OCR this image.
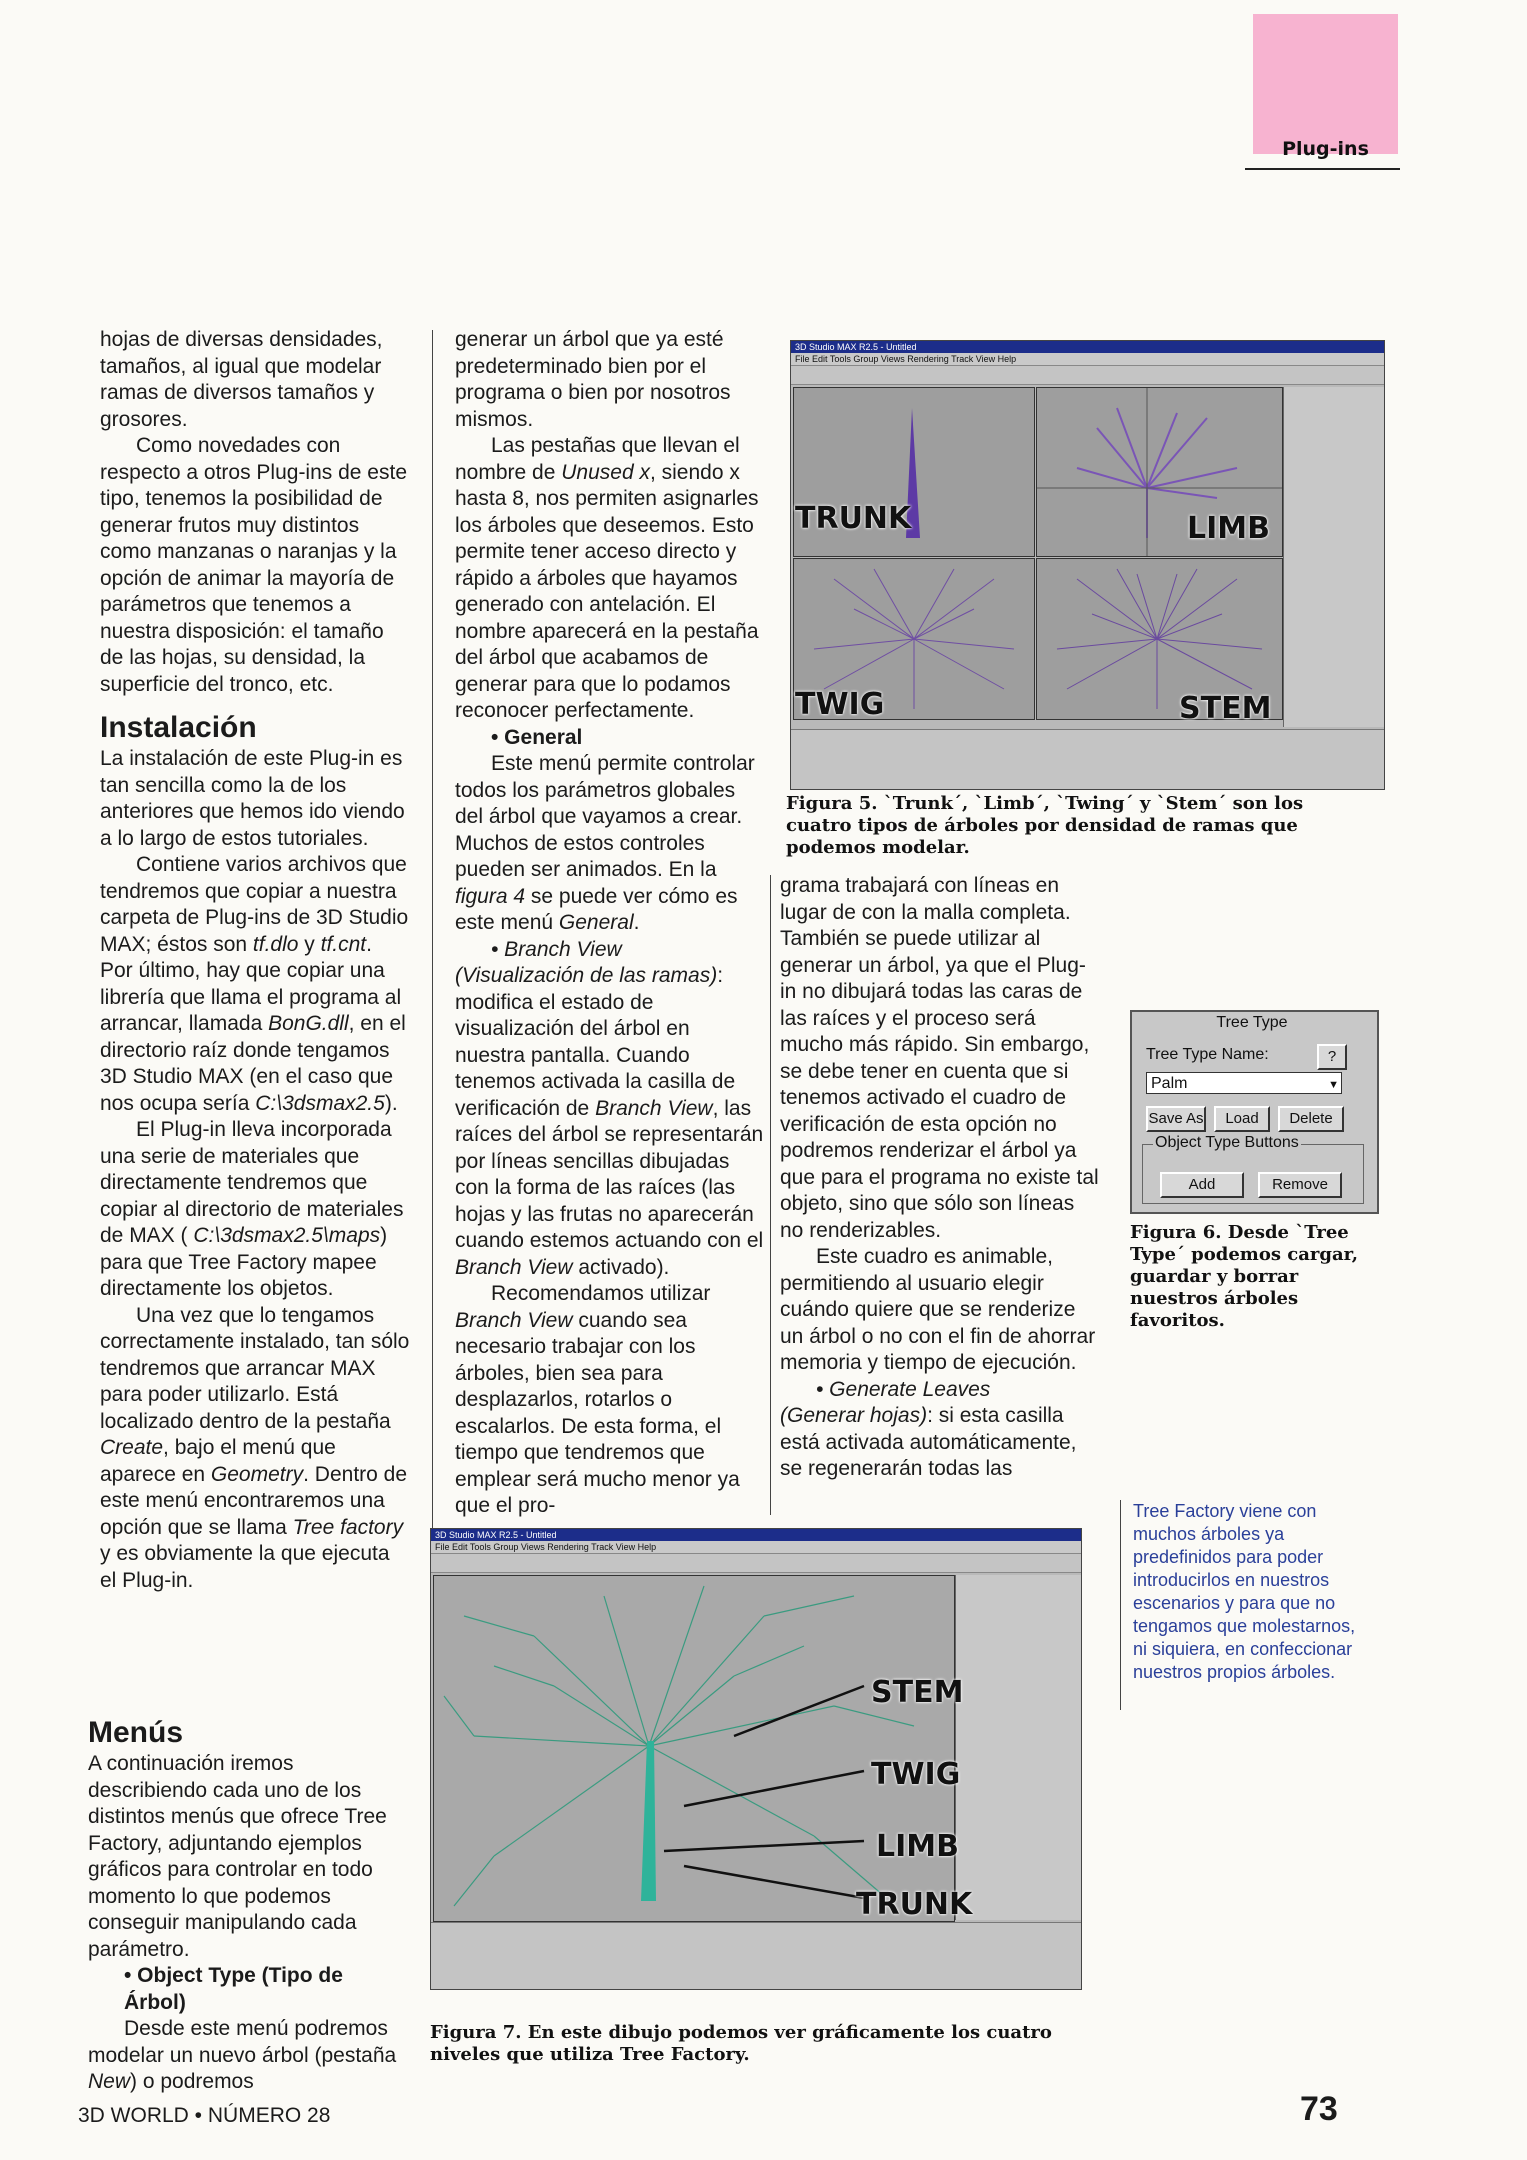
Plug-ins

hojas de diversas densidades, tamaños, al igual que modelar ramas de diversos tamaños y grosores.

Como novedades con respecto a otros Plug-ins de este tipo, tenemos la posibilidad de generar frutos muy distintos como manzanas o naranjas y la opción de animar la mayoría de parámetros que tenemos a nuestra disposición: el tamaño de las hojas, su densidad, la superficie del tronco, etc.

Instalación

La instalación de este Plug-in es tan sencilla como la de los anteriores que hemos ido viendo a lo largo de estos tutoriales.

Contiene varios archivos que tendremos que copiar a nuestra carpeta de Plug-ins de 3D Studio MAX; éstos son tf.dlo y tf.cnt. Por último, hay que copiar una librería que llama el programa al arrancar, llamada BonG.dll, en el directorio raíz donde tengamos 3D Studio MAX (en el caso que nos ocupa sería C:\3dsmax2.5).

El Plug-in lleva incorporada una serie de materiales que directamente tendremos que copiar al directorio de materiales de MAX ( C:\3dsmax2.5\maps) para que Tree Factory mapee directamente los objetos.

Una vez que lo tengamos correctamente instalado, tan sólo tendremos que arrancar MAX para poder utilizarlo. Está localizado dentro de la pestaña Create, bajo el menú que aparece en Geometry. Dentro de este menú encontraremos una opción que se llama Tree factory y es obviamente la que ejecuta el Plug-in.

Menús

A continuación iremos describiendo cada uno de los distintos menús que ofrece Tree Factory, adjuntando ejemplos gráficos para controlar en todo momento lo que podemos conseguir manipulando cada parámetro.

• Object Type (Tipo de Árbol)

Desde este menú podremos modelar un nuevo árbol (pestaña New) o podremos

generar un árbol que ya esté predeterminado bien por el programa o bien por nosotros mismos.

Las pestañas que llevan el nombre de Unused x, siendo x hasta 8, nos permiten asignarles los árboles que deseemos. Esto permite tener acceso directo y rápido a árboles que hayamos generado con antelación. El nombre aparecerá en la pestaña del árbol que acabamos de generar para que lo podamos reconocer perfectamente.

• General

Este menú permite controlar todos los parámetros globales del árbol que vayamos a crear. Muchos de estos controles pueden ser animados. En la figura 4 se puede ver cómo es este menú General.

• Branch View

(Visualización de las ramas): modifica el estado de visualización del árbol en nuestra pantalla. Cuando tenemos activada la casilla de verificación de Branch View, las raíces del árbol se representarán por líneas sencillas dibujadas con la forma de las raíces (las hojas y las frutas no aparecerán cuando estemos actuando con el Branch View activado).

Recomendamos utilizar Branch View cuando sea necesario trabajar con los árboles, bien sea para desplazarlos, rotarlos o escalarlos. De esta forma, el tiempo que tendremos que emplear será mucho menor ya que el pro-

grama trabajará con líneas en lugar de con la malla completa. También se puede utilizar al generar un árbol, ya que el Plug-in no dibujará todas las caras de las raíces y el proceso será mucho más rápido. Sin embargo, se debe tener en cuenta que si tenemos activado el cuadro de verificación de esta opción no podremos renderizar el árbol ya que para el programa no existe tal objeto, sino que sólo son líneas no renderizables.

Este cuadro es animable, permitiendo al usuario elegir cuándo quiere que se renderize un árbol o no con el fin de ahorrar memoria y tiempo de ejecución.

• Generate Leaves

(Generar hojas): si esta casilla está activada automáticamente, se regenerarán todas las

3D Studio MAX R2.5 - Untitled
File Edit Tools Group Views Rendering Track View Help
TRUNK	LIMB
TWIG	STEM
Figura 5. `Trunk´, `Limb´, `Twing´ y `Stem´ son los cuatro tipos de árboles por densidad de ramas que podemos modelar.
Tree Type
Tree Type Name:	?
Palm	▼
Save As	Load	Delete
Object Type Buttons
Add	Remove
Figura 6. Desde `Tree Type´ podemos cargar, guardar y borrar nuestros árboles favoritos.
3D Studio MAX R2.5 - Untitled
File Edit Tools Group Views Rendering Track View Help
STEM
TWIG
LIMB
TRUNK
Figura 7. En este dibujo podemos ver gráficamente los cuatro niveles que utiliza Tree Factory.
Tree Factory viene con muchos árboles ya predefinidos para poder introducirlos en nuestros escenarios y para que no tengamos que molestarnos, ni siquiera, en confeccionar nuestros propios árboles.
3D WORLD • NÚMERO 28	73
